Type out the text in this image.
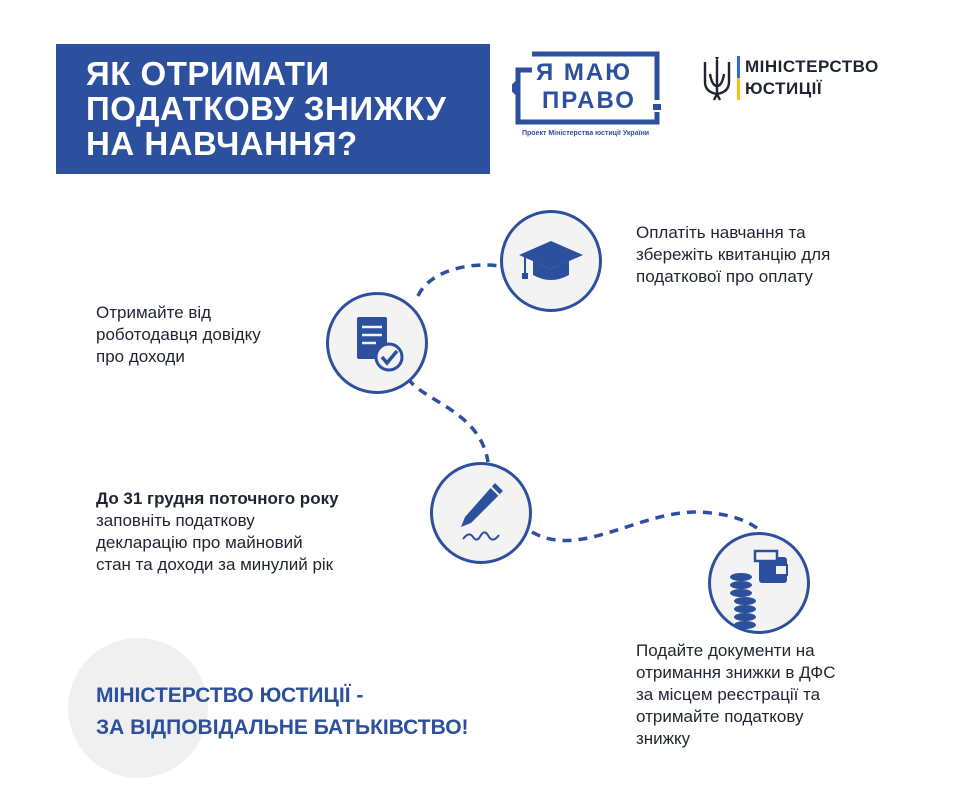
ЯК ОТРИМАТИ
ПОДАТКОВУ ЗНИЖКУ
НА НАВЧАННЯ?
Я МАЮ
ПРАВО
Проект Міністерства юстиції України
МІНІСТЕРСТВО
ЮСТИЦІЇ
Оплатіть навчання та
збережіть квитанцію для
податкової про оплату
Отримайте від
роботодавця довідку
про доходи
До 31 грудня поточного року
заповніть податкову
декларацію про майновий
стан та доходи за минулий рік
Подайте документи на
отримання знижки в ДФС
за місцем реєстрації та
отримайте податкову
знижку
МІНІСТЕРСТВО ЮСТИЦІЇ -
ЗА ВІДПОВІДАЛЬНЕ БАТЬКІВСТВО!
